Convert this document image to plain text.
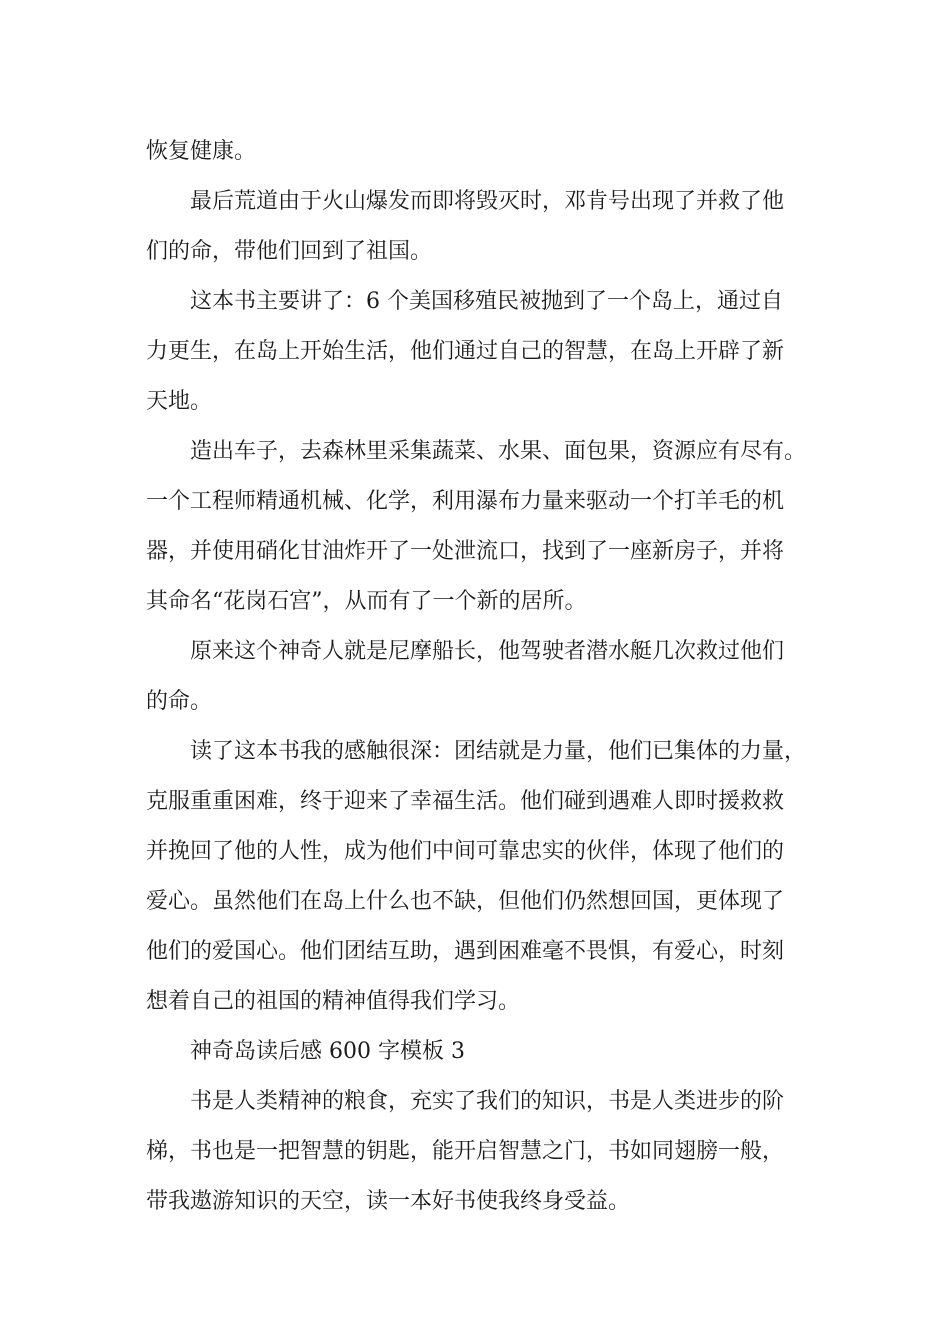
恢复健康。
最后荒道由于火山爆发而即将毁灭时，邓肯号出现了并救了他
们的命，带他们回到了祖国。
这本书主要讲了：6 个美国移殖民被抛到了一个岛上，通过自
力更生，在岛上开始生活，他们通过自己的智慧，在岛上开辟了新
天地。
造出车子，去森林里采集蔬菜、水果、面包果，资源应有尽有。
一个工程师精通机械、化学，利用瀑布力量来驱动一个打羊毛的机
器，并使用硝化甘油炸开了一处泄流口，找到了一座新房子，并将
其命名“花岗石宫”，从而有了一个新的居所。
原来这个神奇人就是尼摩船长，他驾驶者潜水艇几次救过他们
的命。
读了这本书我的感触很深：团结就是力量，他们已集体的力量，
克服重重困难，终于迎来了幸福生活。他们碰到遇难人即时援救救
并挽回了他的人性，成为他们中间可靠忠实的伙伴，体现了他们的
爱心。虽然他们在岛上什么也不缺，但他们仍然想回国，更体现了
他们的爱国心。他们团结互助，遇到困难毫不畏惧，有爱心，时刻
想着自己的祖国的精神值得我们学习。
神奇岛读后感 600 字模板 3
书是人类精神的粮食，充实了我们的知识，书是人类进步的阶
梯，书也是一把智慧的钥匙，能开启智慧之门，书如同翅膀一般，
带我遨游知识的天空，读一本好书使我终身受益。
